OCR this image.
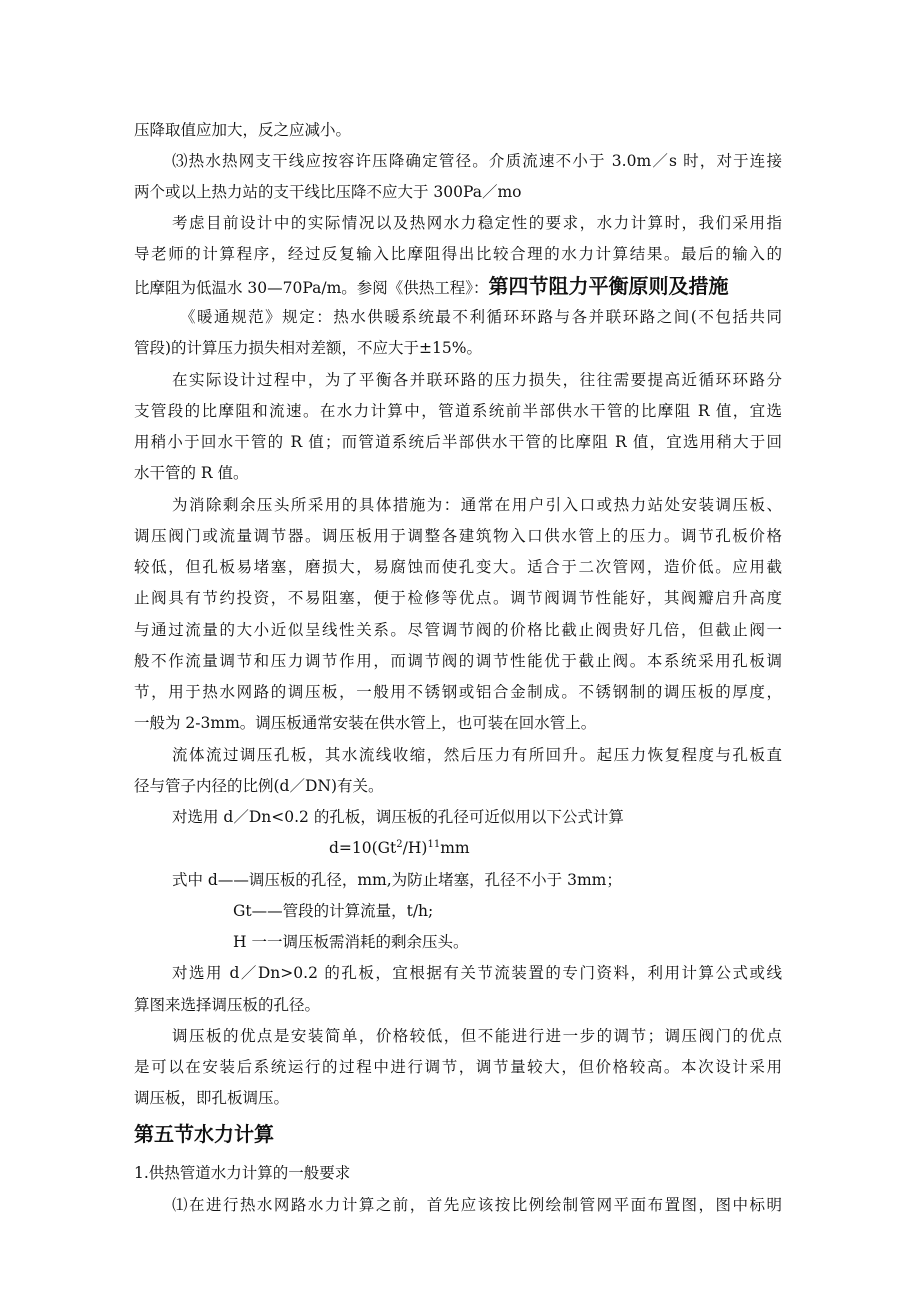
压降取值应加大，反之应减小。
⑶热水热网支干线应按容许压降确定管径。介质流速不小于 3.0m／s 时，对于连接
两个或以上热力站的支干线比压降不应大于 300Pa／mo
考虑目前设计中的实际情况以及热网水力稳定性的要求，水力计算时，我们采用指
导老师的计算程序，经过反复输入比摩阻得出比较合理的水力计算结果。最后的输入的
比摩阻为低温水 30—70Pa/m。参阅《供热工程》：第四节阻力平衡原则及措施
《暖通规范》规定：热水供暖系统最不利循环环路与各并联环路之间(不包括共同
管段)的计算压力损失相对差额，不应大于±15%。
在实际设计过程中，为了平衡各并联环路的压力损失，往往需要提高近循环环路分
支管段的比摩阻和流速。在水力计算中，管道系统前半部供水干管的比摩阻 R 值，宜选
用稍小于回水干管的 R 值；而管道系统后半部供水干管的比摩阻 R 值，宜选用稍大于回
水干管的 R 值。
为消除剩余压头所采用的具体措施为：通常在用户引入口或热力站处安装调压板、
调压阀门或流量调节器。调压板用于调整各建筑物入口供水管上的压力。调节孔板价格
较低，但孔板易堵塞，磨损大，易腐蚀而使孔变大。适合于二次管网，造价低。应用截
止阀具有节约投资，不易阻塞，便于检修等优点。调节阀调节性能好，其阀瓣启升高度
与通过流量的大小近似呈线性关系。尽管调节阀的价格比截止阀贵好几倍，但截止阀一
般不作流量调节和压力调节作用，而调节阀的调节性能优于截止阀。本系统采用孔板调
节，用于热水网路的调压板，一般用不锈钢或铝合金制成。不锈钢制的调压板的厚度，
一般为 2-3mm。调压板通常安装在供水管上，也可装在回水管上。
流体流过调压孔板，其水流线收缩，然后压力有所回升。起压力恢复程度与孔板直
径与管子内径的比例(d／DN)有关。
对选用 d／Dn<0.2 的孔板，调压板的孔径可近似用以下公式计算
$d=10(Gt^2/H)^{11}mm$
式中 d——调压板的孔径，mm,为防止堵塞，孔径不小于 3mm；
Gt——管段的计算流量，t/h;
H 一一调压板需消耗的剩余压头。
对选用 d／Dn>0.2 的孔板，宜根据有关节流装置的专门资料，利用计算公式或线
算图来选择调压板的孔径。
调压板的优点是安装简单，价格较低，但不能进行进一步的调节；调压阀门的优点
是可以在安装后系统运行的过程中进行调节，调节量较大，但价格较高。本次设计采用
调压板，即孔板调压。
第五节水力计算
1.供热管道水力计算的一般要求
⑴在进行热水网路水力计算之前，首先应该按比例绘制管网平面布置图，图中标明
